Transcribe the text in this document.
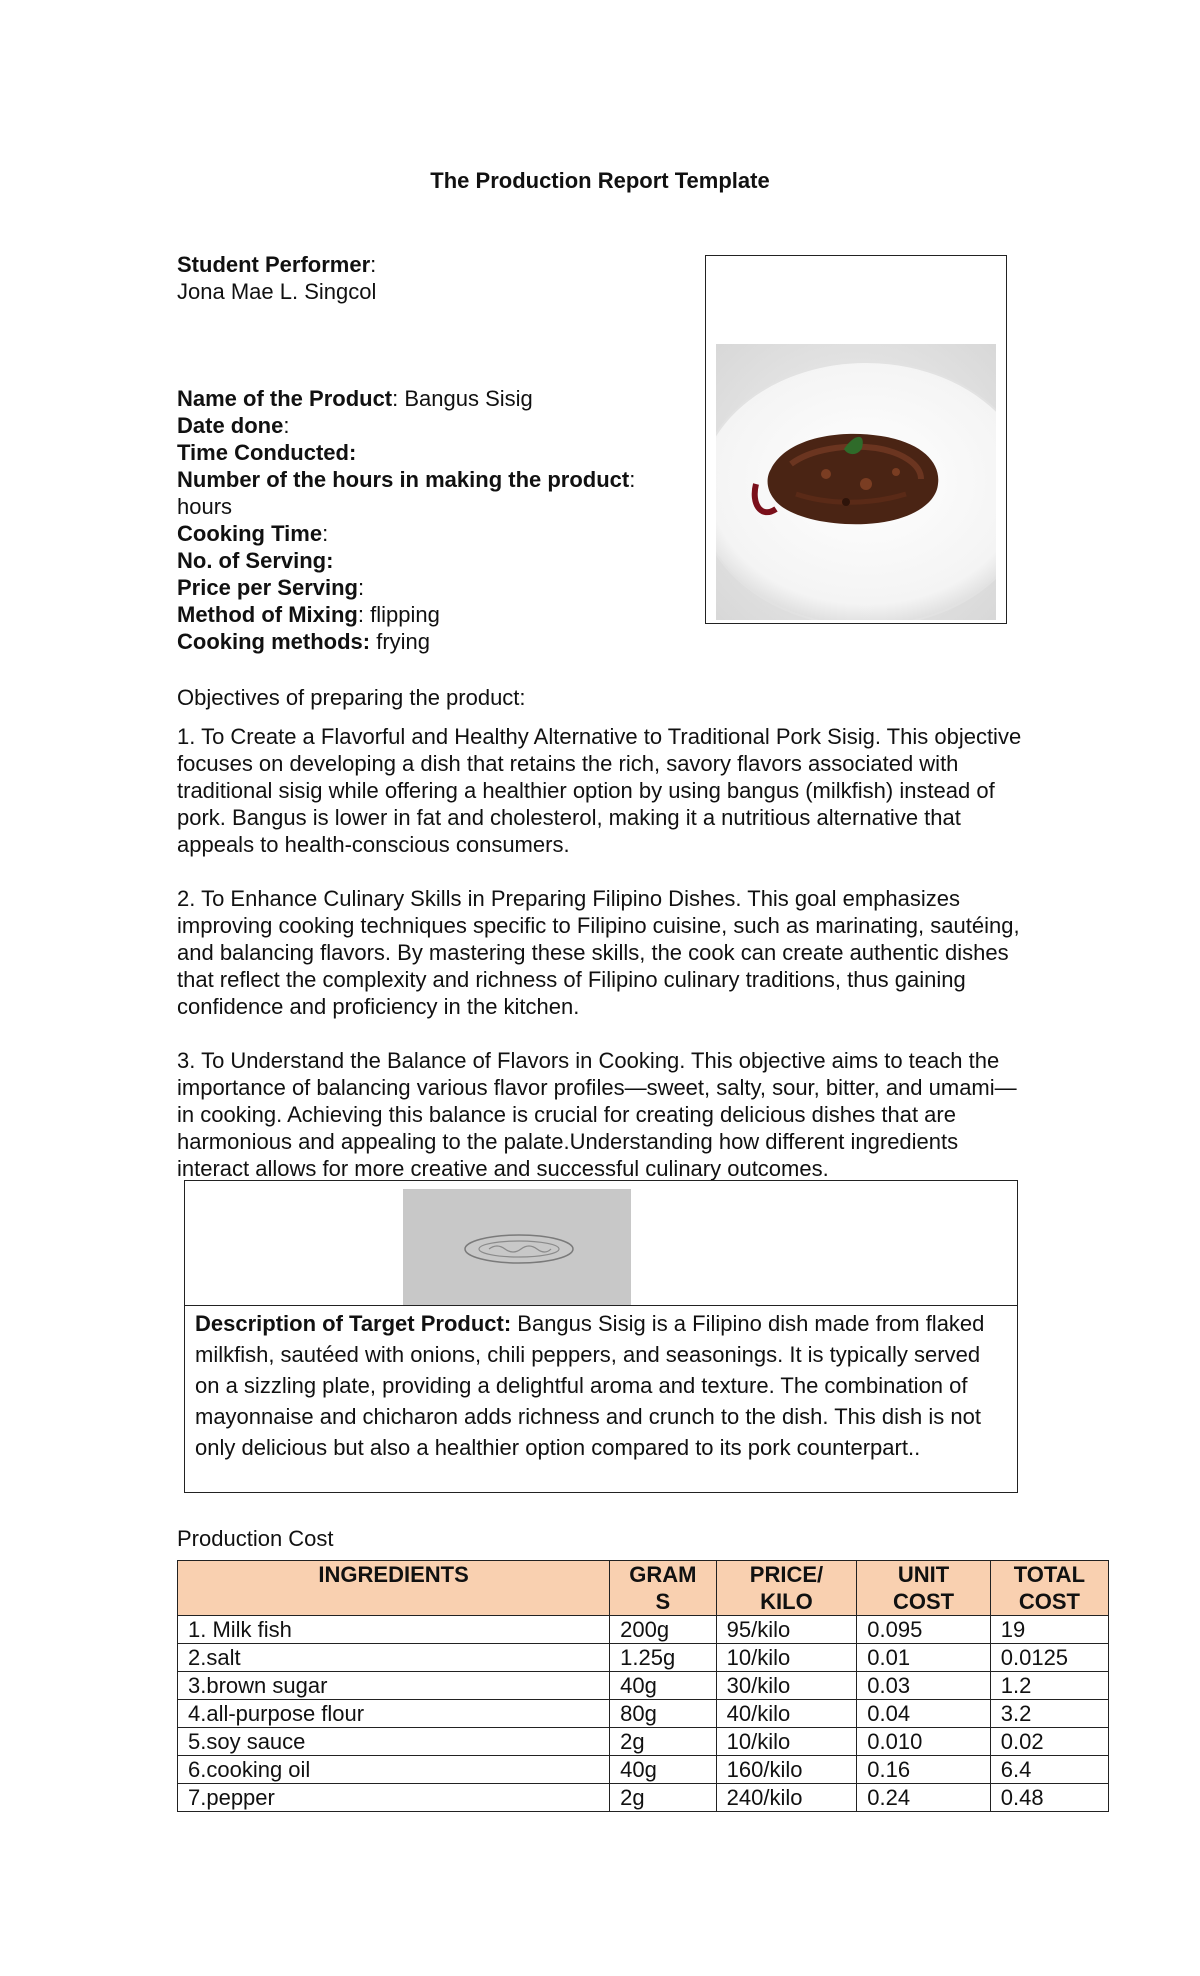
The Production Report Template
Student Performer:
Jona Mae L. Singcol
Name of the Product: Bangus Sisig
Date done:
Time Conducted:
Number of the hours in making the product:
hours
Cooking Time:
No. of Serving:
Price per Serving:
Method of Mixing: flipping
Cooking methods: frying
Objectives of preparing the product:
1. To Create a Flavorful and Healthy Alternative to Traditional Pork Sisig. This objective focuses on developing a dish that retains the rich, savory flavors associated with traditional sisig while offering a healthier option by using bangus (milkfish) instead of pork. Bangus is lower in fat and cholesterol, making it a nutritious alternative that appeals to health-conscious consumers.
2. To Enhance Culinary Skills in Preparing Filipino Dishes. This goal emphasizes improving cooking techniques specific to Filipino cuisine, such as marinating, sautéing, and balancing flavors. By mastering these skills, the cook can create authentic dishes that reflect the complexity and richness of Filipino culinary traditions, thus gaining confidence and proficiency in the kitchen.
3. To Understand the Balance of Flavors in Cooking. This objective aims to teach the importance of balancing various flavor profiles—sweet, salty, sour, bitter, and umami—in cooking. Achieving this balance is crucial for creating delicious dishes that are harmonious and appealing to the palate.Understanding how different ingredients interact allows for more creative and successful culinary outcomes.
Description of Target Product: Bangus Sisig is a Filipino dish made from flaked milkfish, sautéed with onions, chili peppers, and seasonings. It is typically served on a sizzling plate, providing a delightful aroma and texture. The combination of mayonnaise and chicharon adds richness and crunch to the dish. This dish is not only delicious but also a healthier option compared to its pork counterpart..
Production Cost
INGREDIENTS	GRAM S	PRICE/ KILO	UNIT COST	TOTAL COST
1. Milk fish	200g	95/kilo	0.095	19
2.salt	1.25g	10/kilo	0.01	0.0125
3.brown sugar	40g	30/kilo	0.03	1.2
4.all-purpose flour	80g	40/kilo	0.04	3.2
5.soy sauce	2g	10/kilo	0.010	0.02
6.cooking oil	40g	160/kilo	0.16	6.4
7.pepper	2g	240/kilo	0.24	0.48
